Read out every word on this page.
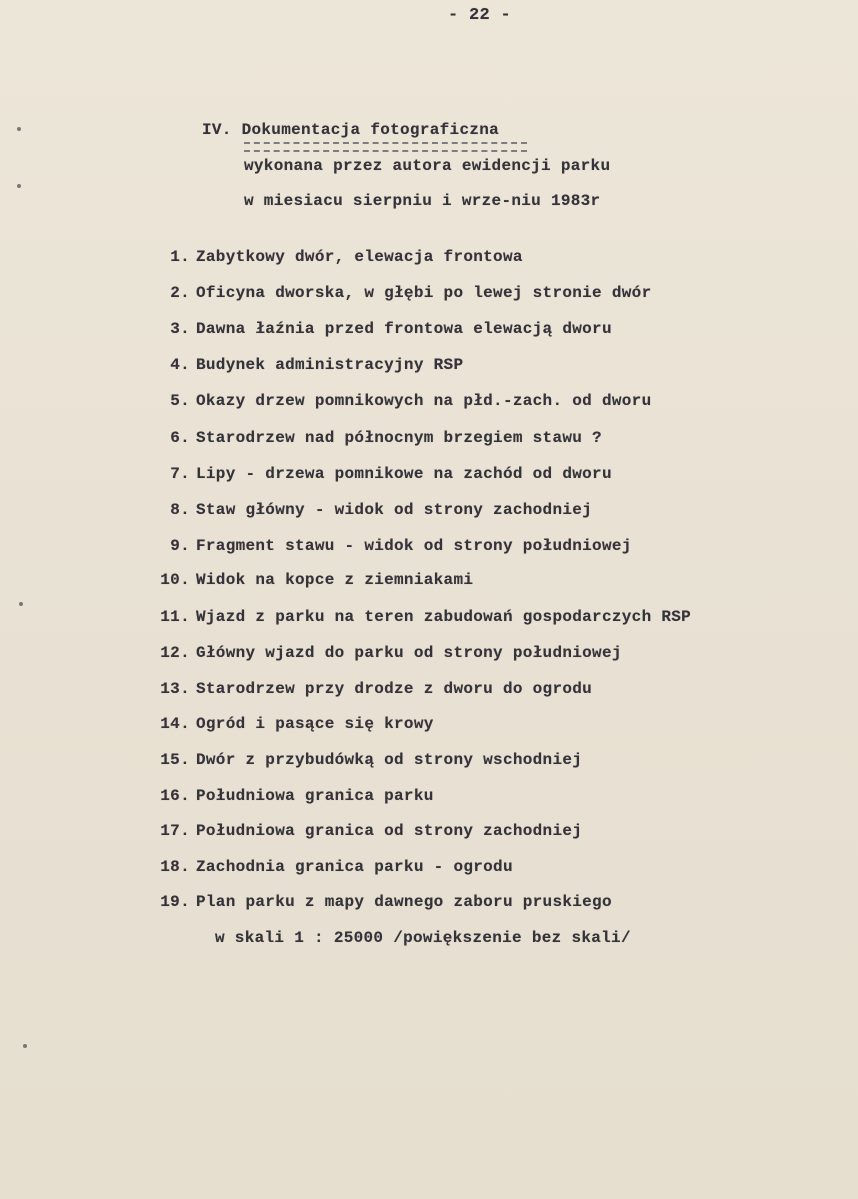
- 22 -
IV. Dokumentacja fotograficzna
wykonana przez autora ewidencji parku
w miesiacu sierpniu i wrze-niu 1983r
1. Zabytkowy dwór, elewacja frontowa
2. Oficyna dworska, w głębi po lewej stronie dwór
3. Dawna łaźnia przed frontowa elewacją dworu
4. Budynek administracyjny RSP
5. Okazy drzew pomnikowych na płd.-zach. od dworu
6. Starodrzew nad północnym brzegiem stawu ?
7. Lipy - drzewa pomnikowe na zachód od dworu
8. Staw główny - widok od strony zachodniej
9. Fragment stawu - widok od strony południowej
10. Widok na kopce z ziemniakami
11. Wjazd z parku na teren zabudowań gospodarczych RSP
12. Główny wjazd do parku od strony południowej
13. Starodrzew przy drodze z dworu do ogrodu
14. Ogród i pasące się krowy
15. Dwór z przybudówką od strony wschodniej
16. Południowa granica parku
17. Południowa granica od strony zachodniej
18. Zachodnia granica parku - ogrodu
19. Plan parku z mapy dawnego zaboru pruskiego
w skali 1 : 25000 /powiększenie bez skali/
